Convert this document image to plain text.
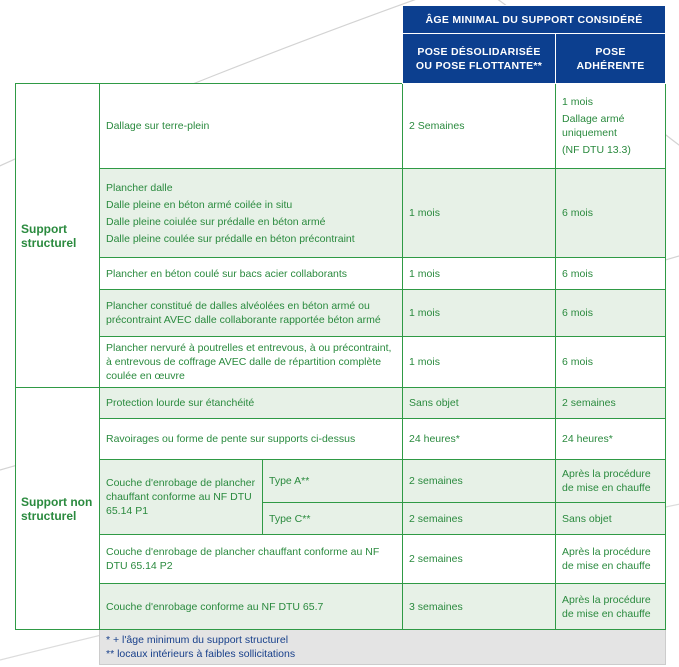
			ÂGE MINIMAL DU SUPPORT CONSIDÉRÉ	
			POSE DÉSOLIDARISÉE OU POSE FLOTTANTE**	POSE ADHÉRENTE
Support structurel	Dallage sur terre-plein		2 Semaines	1 mois
Dallage armé uniquement
(NF DTU 13.3)

	Plancher dalle
Dalle pleine en béton armé coilée in situ
Dalle pleine coiulée sur prédalle en béton armé
Dalle pleine coulée sur prédalle en béton précontraint		1 mois	6 mois

	Plancher en béton coulé sur bacs acier collaborants		1 mois	6 mois

	Plancher constitué de dalles alvéolées en béton armé ou précontraint AVEC dalle collaborante rapportée béton armé		1 mois	6 mois

	Plancher nervuré à poutrelles et entrevous, à ou précontraint, à entrevous de coffrage AVEC dalle de répartition complète coulée en œuvre		1 mois	6 mois

Support non structurel	Protection lourde sur étanchéité		Sans objet	2 semaines

	Ravoirages ou forme de pente sur supports ci-dessus		24 heures*	24 heures*

	Couche d'enrobage de plancher chauffant conforme au NF DTU 65.14 P1	Type A**	2 semaines	Après la procédure de mise en chauffe

		Type C**	2 semaines	Sans objet

	Couche d'enrobage de plancher chauffant conforme au NF DTU 65.14 P2		2 semaines	Après la procédure de mise en chauffe

	Couche d'enrobage conforme au NF DTU 65.7		3 semaines	Après la procédure de mise en chauffe

	* + l'âge minimum du support structurel
** locaux intérieurs à faibles sollicitations			
